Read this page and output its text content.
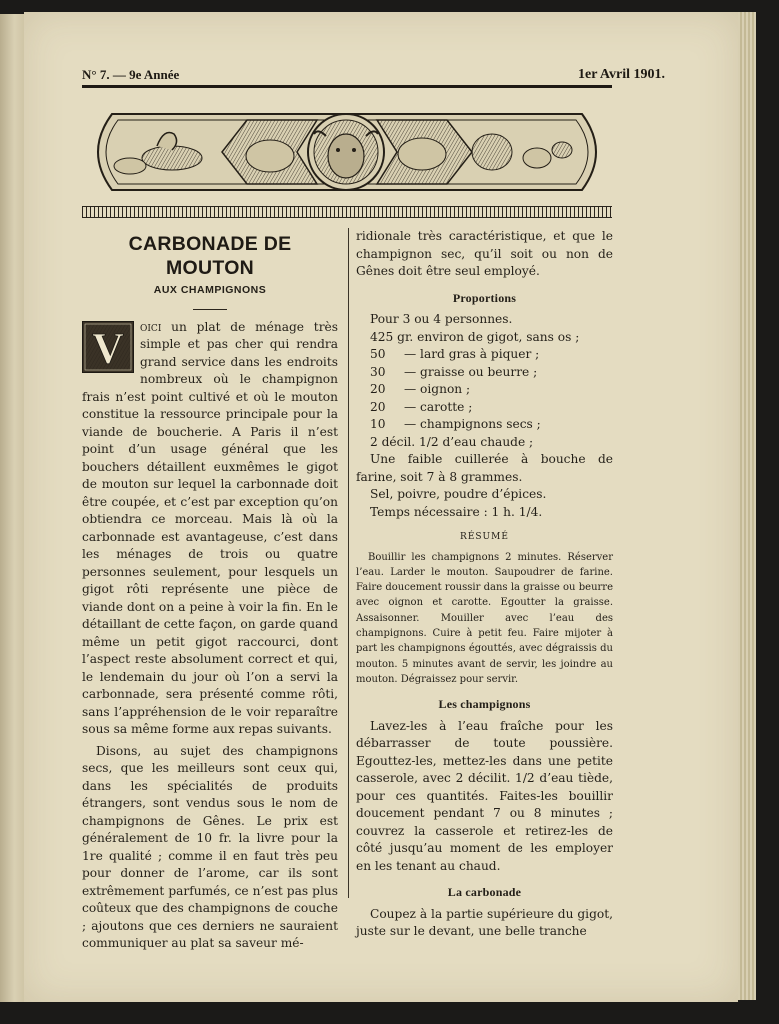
N° 7. — 9e Année	1er Avril 1901.
CARBONADE DE MOUTON
AUX CHAMPIGNONS

V oici un plat de ménage très simple et pas cher qui rendra grand service dans les endroits nombreux où le champignon frais n’est point cultivé et où le mouton constitue la ressource principale pour la viande de boucherie. A Paris il n’est point d’un usage général que les bouchers détaillent euxmêmes le gigot de mouton sur lequel la carbonnade doit être coupée, et c’est par exception qu’on obtiendra ce morceau. Mais là où la carbonnade est avantageuse, c’est dans les ménages de trois ou quatre personnes seulement, pour lesquels un gigot rôti représente une pièce de viande dont on a peine à voir la fin. En le détaillant de cette façon, on garde quand même un petit gigot raccourci, dont l’aspect reste absolument correct et qui, le lendemain du jour où l’on a servi la carbonnade, sera présenté comme rôti, sans l’appréhension de le voir reparaître sous sa même forme aux repas suivants.

Disons, au sujet des champignons secs, que les meilleurs sont ceux qui, dans les spécialités de produits étrangers, sont vendus sous le nom de champignons de Gênes. Le prix est généralement de 10 fr. la livre pour la 1re qualité ; comme il en faut très peu pour donner de l’arome, car ils sont extrêmement parfumés, ce n’est pas plus coûteux que des champignons de couche ; ajoutons que ces derniers ne sauraient communiquer au plat sa saveur mé-

ridionale très caractéristique, et que le champignon sec, qu’il soit ou non de Gênes doit être seul employé.

Proportions
Pour 3 ou 4 personnes.
425 gr. environ de gigot, sans os ;
50	— lard gras à piquer ;
30	— graisse ou beurre ;
20	— oignon ;
20	— carotte ;
10	— champignons secs ;
2 décil. 1/2 d’eau chaude ;

Une faible cuillerée à bouche de farine, soit 7 à 8 grammes.

Sel, poivre, poudre d’épices.

Temps nécessaire : 1 h. 1/4.

RÉSUMÉ

Bouillir les champignons 2 minutes. Réserver l’eau. Larder le mouton. Saupoudrer de farine. Faire doucement roussir dans la graisse ou beurre avec oignon et carotte. Egoutter la graisse. Assaisonner. Mouiller avec l’eau des champignons. Cuire à petit feu. Faire mijoter à part les champignons égouttés, avec dégraissis du mouton. 5 minutes avant de servir, les joindre au mouton. Dégraissez pour servir.

Les champignons

Lavez-les à l’eau fraîche pour les débarrasser de toute poussière. Egouttez-les, mettez-les dans une petite casserole, avec 2 décilit. 1/2 d’eau tiède, pour ces quantités. Faites-les bouillir doucement pendant 7 ou 8 minutes ; couvrez la casserole et retirez-les de côté jusqu’au moment de les employer en les tenant au chaud.

La carbonade

Coupez à la partie supérieure du gigot, juste sur le devant, une belle tranche
